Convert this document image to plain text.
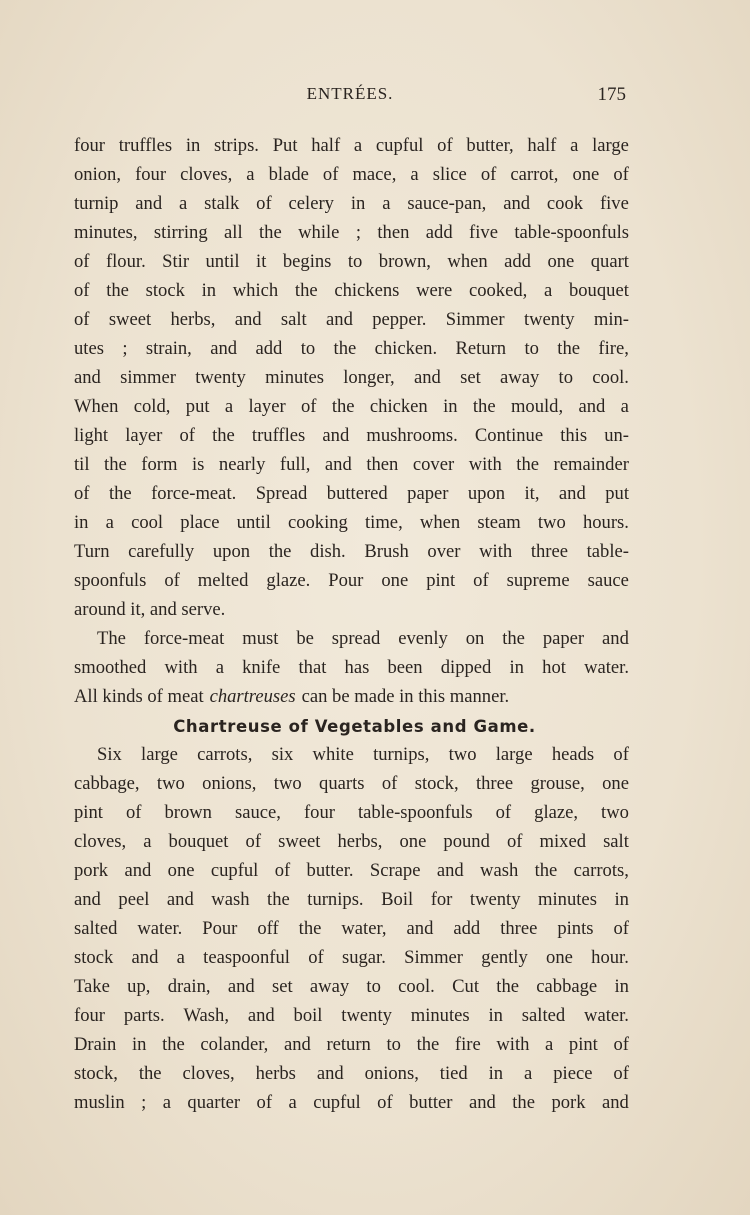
ENTRÉES.	175
four truffles in strips. Put half a cupful of butter, half a large
onion, four cloves, a blade of mace, a slice of carrot, one of
turnip and a stalk of celery in a sauce-pan, and cook five
minutes, stirring all the while ; then add five table-spoonfuls
of flour. Stir until it begins to brown, when add one quart
of the stock in which the chickens were cooked, a bouquet
of sweet herbs, and salt and pepper. Simmer twenty min-
utes ; strain, and add to the chicken. Return to the fire,
and simmer twenty minutes longer, and set away to cool.
When cold, put a layer of the chicken in the mould, and a
light layer of the truffles and mushrooms. Continue this un-
til the form is nearly full, and then cover with the remainder
of the force-meat. Spread buttered paper upon it, and put
in a cool place until cooking time, when steam two hours.
Turn carefully upon the dish. Brush over with three table-
spoonfuls of melted glaze. Pour one pint of supreme sauce
around it, and serve.
The force-meat must be spread evenly on the paper and
smoothed with a knife that has been dipped in hot water.
All kinds of meat chartreuses can be made in this manner.
Chartreuse of Vegetables and Game.
Six large carrots, six white turnips, two large heads of
cabbage, two onions, two quarts of stock, three grouse, one
pint of brown sauce, four table-spoonfuls of glaze, two
cloves, a bouquet of sweet herbs, one pound of mixed salt
pork and one cupful of butter. Scrape and wash the carrots,
and peel and wash the turnips. Boil for twenty minutes in
salted water. Pour off the water, and add three pints of
stock and a teaspoonful of sugar. Simmer gently one hour.
Take up, drain, and set away to cool. Cut the cabbage in
four parts. Wash, and boil twenty minutes in salted water.
Drain in the colander, and return to the fire with a pint of
stock, the cloves, herbs and onions, tied in a piece of
muslin ; a quarter of a cupful of butter and the pork and
